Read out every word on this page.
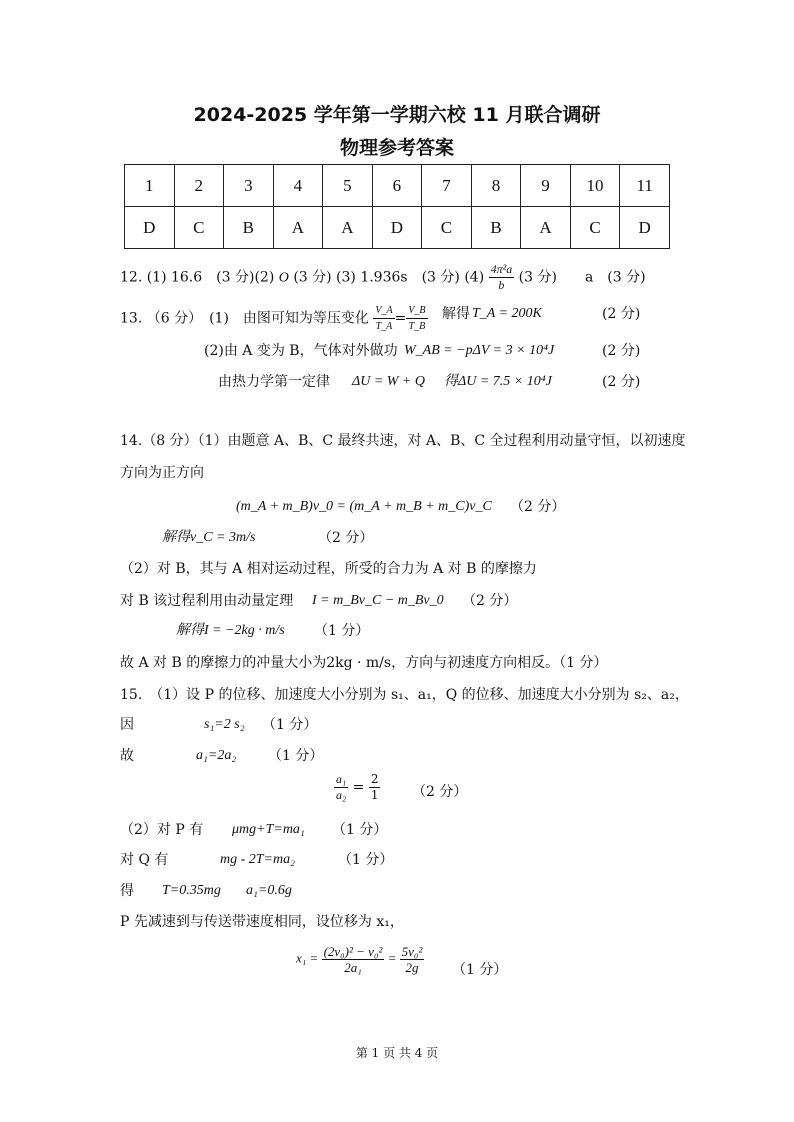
2024-2025 学年第一学期六校 11 月联合调研
物理参考答案
1	2	3	4	5	6	7	8	9	10	11
D	C	B	A	A	D	C	B	A	C	D
12. (1) 16.6　(3 分)(2) O (3 分) (3) 1.936s　(3 分) $(4) \frac{\text{4π²a}}{b} (3$ 分)　　a　(3 分)
13. （6 分）　(1)　由图可知为等压变化 $\frac{V\_A}{T\_A} = \frac{V\_B}{T\_B}$ 解得 T_A = 200K	(2 分)
(2)由 A 变为 B，气体对外做功 W_AB = −pΔV = 3 × 10⁴J	(2 分)
由热力学第一定律 ΔU = W + Q 得ΔU = 7.5 × 10⁴J	(2 分)
14.（8 分）（1）由题意 A、B、C 最终共速，对 A、B、C 全过程利用动量守恒，以初速度
方向为正方向
(m_A + m_B)v_0 = (m_A + m_B + m_C)v_C （2 分）
解得v_C = 3m/s	（2 分）
（2）对 B，其与 A 相对运动过程，所受的合力为 A 对 B 的摩擦力
对 B 该过程利用由动量定理 I = m_Bv_C − m_Bv_0 （2 分）
解得I = −2kg · m/s （1 分）
故 A 对 B 的摩擦力的冲量大小为2kg · m/s，方向与初速度方向相反。（1 分）
15.　（1）设 P 的位移、加速度大小分别为 s₁、a₁，Q 的位移、加速度大小分别为 s₂、a₂，
因	s₁=2 s₂ （1 分）
故	a₁=2a₂ （1 分）
$\frac{\text{a₁}}{\text{a₂}} = \frac{2}{1} (2$ 分）
（2）对 P 有 μmg+T=ma₁ （1 分）
对 Q 有	mg - 2T=ma₂	（1 分）
得 T=0.35mg a₁=0.6g
P 先减速到与传送带速度相同，设位移为 x₁，
$x_1 = \frac{\text{(2v₀)² − v₀²}}{\text{2a₁}} = \frac{\text{5v₀²}}{2g} (1$ 分）
第 1 页 共 4 页
